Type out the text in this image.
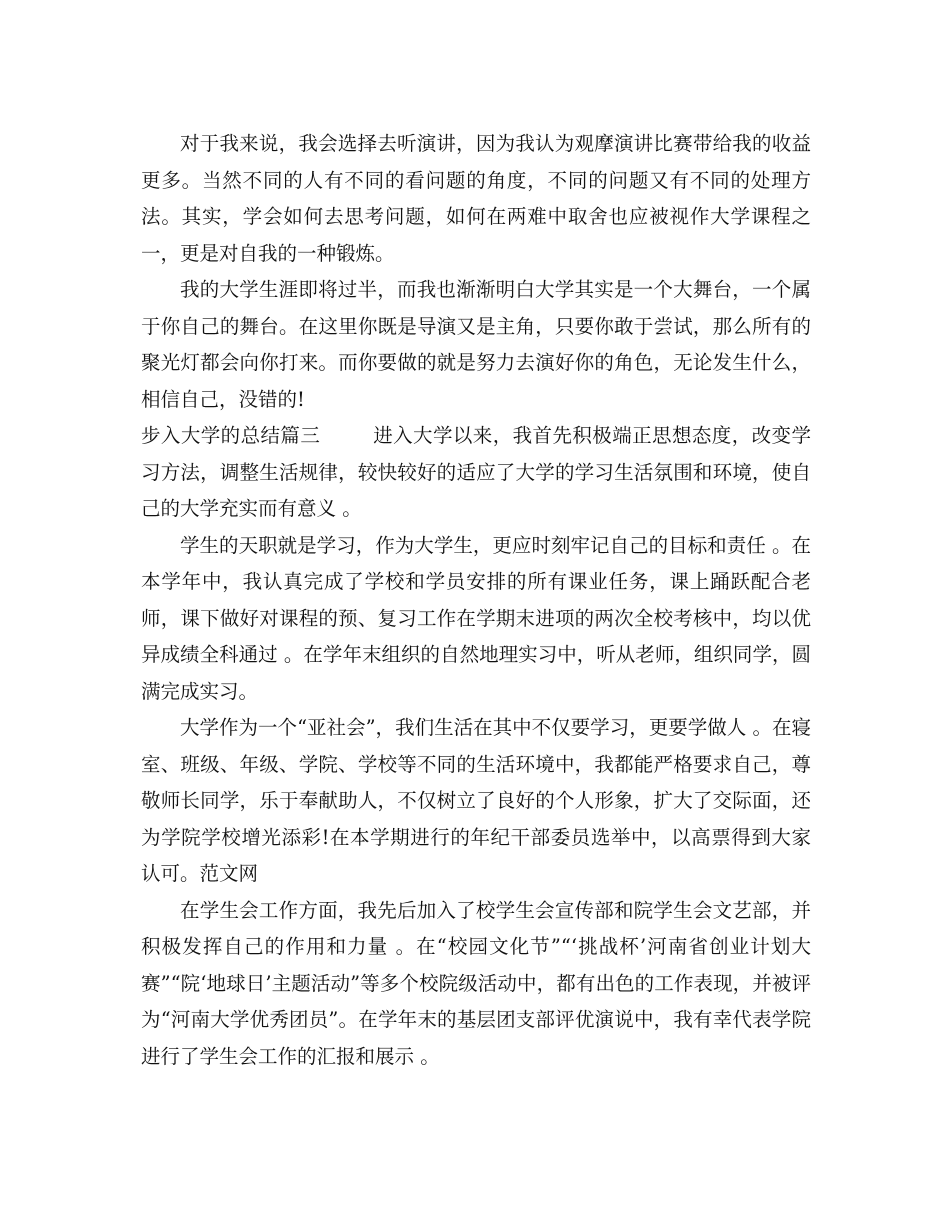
对于我来说，我会选择去听演讲，因为我认为观摩演讲比赛带给我的收益更多。当然不同的人有不同的看问题的角度，不同的问题又有不同的处理方法。其实，学会如何去思考问题，如何在两难中取舍也应被视作大学课程之一，更是对自我的一种锻炼。

我的大学生涯即将过半，而我也渐渐明白大学其实是一个大舞台，一个属于你自己的舞台。在这里你既是导演又是主角，只要你敢于尝试，那么所有的聚光灯都会向你打来。而你要做的就是努力去演好你的角色，无论发生什么，相信自己，没错的!

步入大学的总结篇三	进入大学以来，我首先积极端正思想态度，改变学习方法，调整生活规律，较快较好的适应了大学的学习生活氛围和环境，使自己的大学充实而有意义 。

学生的天职就是学习，作为大学生，更应时刻牢记自己的目标和责任 。在本学年中，我认真完成了学校和学员安排的所有课业任务，课上踊跃配合老师，课下做好对课程的预、复习工作在学期末进项的两次全校考核中，均以优异成绩全科通过 。在学年末组织的自然地理实习中，听从老师，组织同学，圆满完成实习。

大学作为一个“亚社会”，我们生活在其中不仅要学习，更要学做人 。在寝室、班级、年级、学院、学校等不同的生活环境中，我都能严格要求自己，尊敬师长同学，乐于奉献助人，不仅树立了良好的个人形象，扩大了交际面，还为学院学校增光添彩!在本学期进行的年纪干部委员选举中，以高票得到大家认可。范文网

在学生会工作方面，我先后加入了校学生会宣传部和院学生会文艺部，并积极发挥自己的作用和力量 。在“校园文化节”“‘挑战杯’河南省创业计划大赛”“院‘地球日’主题活动”等多个校院级活动中，都有出色的工作表现，并被评为“河南大学优秀团员”。在学年末的基层团支部评优演说中，我有幸代表学院进行了学生会工作的汇报和展示 。
